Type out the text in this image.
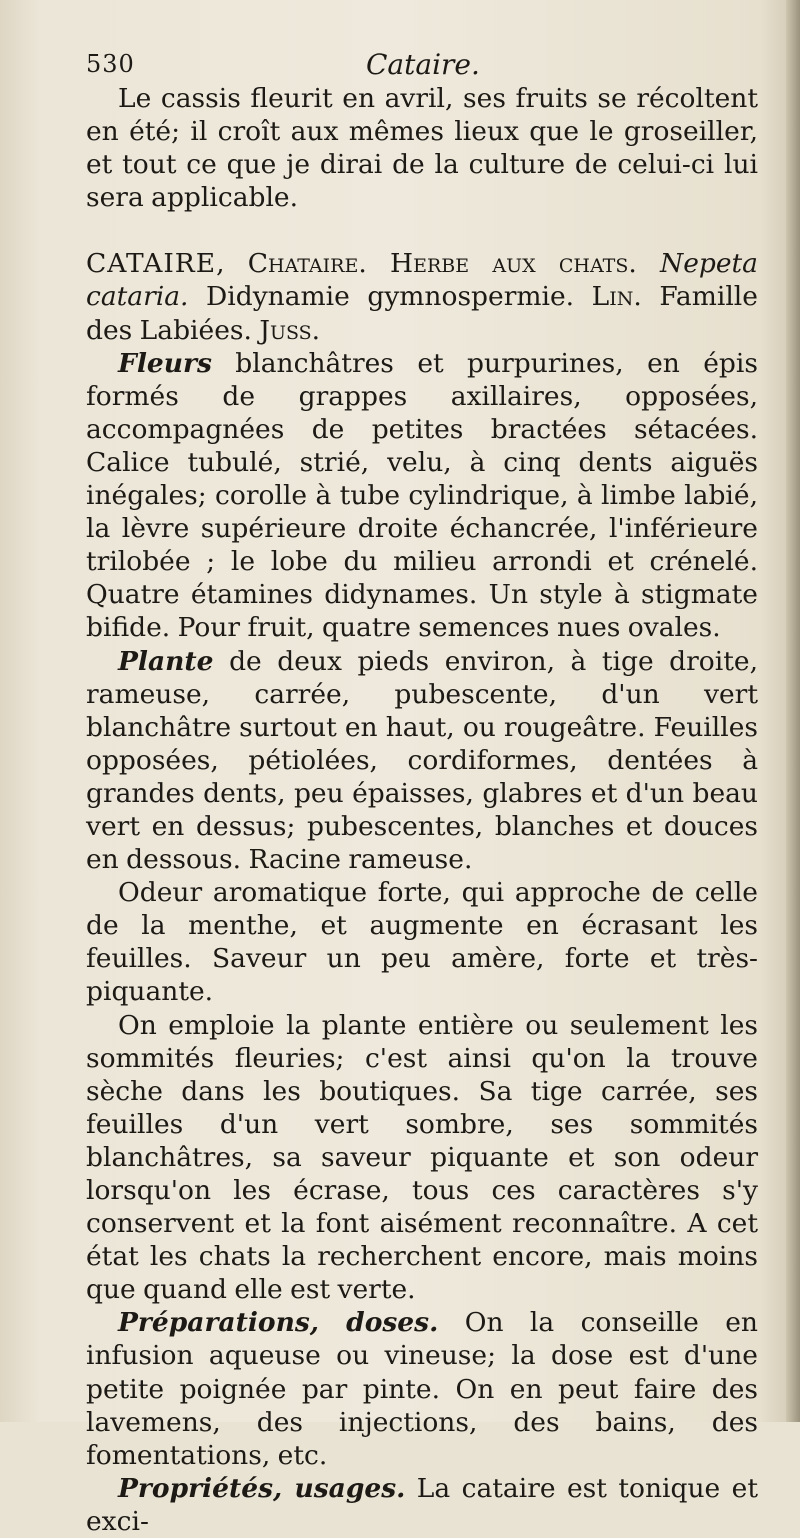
530	Cataire.

Le cassis fleurit en avril, ses fruits se récoltent en été; il croît aux mêmes lieux que le groseiller, et tout ce que je dirai de la culture de celui-ci lui sera applicable.

CATAIRE, Chataire. Herbe aux chats. Nepeta cataria. Didynamie gymnospermie. Lin. Famille des Labiées. Juss.

Fleurs blanchâtres et purpurines, en épis formés de grappes axillaires, opposées, accompagnées de petites bractées sétacées. Calice tubulé, strié, velu, à cinq dents aiguës inégales; corolle à tube cylindrique, à limbe labié, la lèvre supérieure droite échancrée, l'inférieure trilobée ; le lobe du milieu arrondi et crénelé. Quatre étamines didynames. Un style à stigmate bifide. Pour fruit, quatre semences nues ovales.

Plante de deux pieds environ, à tige droite, rameuse, carrée, pubescente, d'un vert blanchâtre surtout en haut, ou rougeâtre. Feuilles opposées, pétiolées, cordiformes, dentées à grandes dents, peu épaisses, glabres et d'un beau vert en dessus; pubescentes, blanches et douces en dessous. Racine rameuse.

Odeur aromatique forte, qui approche de celle de la menthe, et augmente en écrasant les feuilles. Saveur un peu amère, forte et très-piquante.

On emploie la plante entière ou seulement les sommités fleuries; c'est ainsi qu'on la trouve sèche dans les boutiques. Sa tige carrée, ses feuilles d'un vert sombre, ses sommités blanchâtres, sa saveur piquante et son odeur lorsqu'on les écrase, tous ces caractères s'y conservent et la font aisément reconnaître. A cet état les chats la recherchent encore, mais moins que quand elle est verte.

Préparations, doses. On la conseille en infusion aqueuse ou vineuse; la dose est d'une petite poignée par pinte. On en peut faire des lavemens, des injections, des bains, des fomentations, etc.

Propriétés, usages. La cataire est tonique et exci-
